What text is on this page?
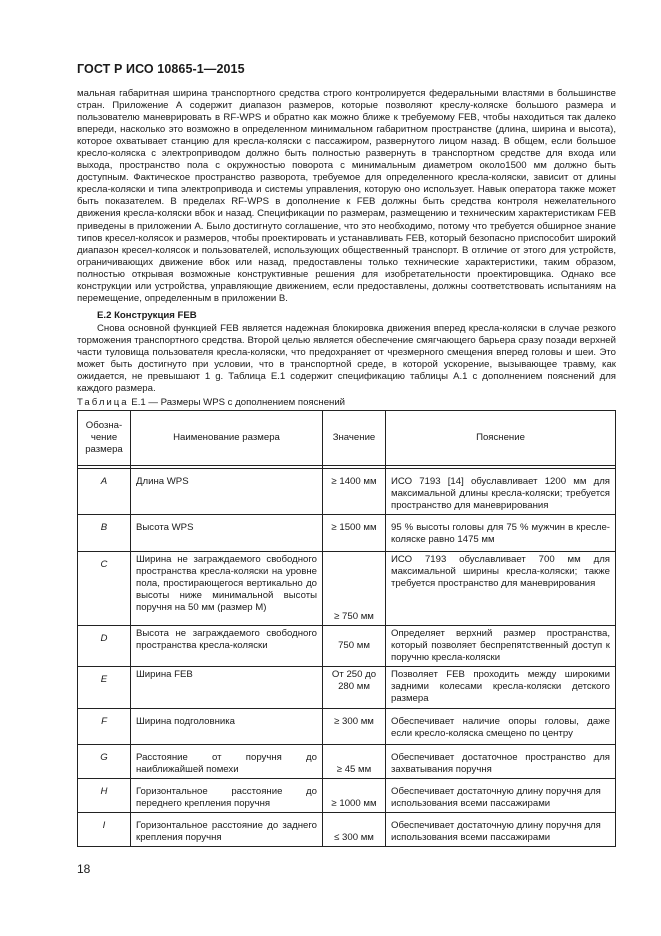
ГОСТ Р ИСО 10865-1—2015

мальная габаритная ширина транспортного средства строго контролируется федеральными властями в большинстве стран. Приложение А содержит диапазон размеров, которые позволяют креслу-коляске большого размера и пользователю маневрировать в RF-WPS и обратно как можно ближе к требуемому FEB, чтобы находиться так далеко впереди, насколько это возможно в определенном минимальном габаритном пространстве (длина, ширина и высота), которое охватывает станцию для кресла-коляски с пассажиром, развернутого лицом назад. В общем, если большое кресло-коляска с электроприводом должно быть полностью развернуть в транспортном средстве для входа или выхода, пространство пола с окружностью поворота с минимальным диаметром около1500 мм должно быть доступным. Фактическое пространство разворота, требуемое для определенного кресла-коляски, зависит от длины кресла-коляски и типа электропривода и системы управления, которую оно использует. Навык оператора также может быть показателем. В пределах RF-WPS в дополнение к FEB должны быть средства контроля нежелательного движения кресла-коляски вбок и назад. Спецификации по размерам, размещению и техническим характеристикам FEB приведены в приложении А. Было достигнуто соглашение, что это необходимо, потому что требуется обширное знание типов кресел-колясок и размеров, чтобы проектировать и устанавливать FEB, который безопасно приспособит широкий диапазон кресел-колясок и пользователей, использующих общественный транспорт. В отличие от этого для устройств, ограничивающих движение вбок или назад, предоставлены только технические характеристики, таким образом, полностью открывая возможные конструктивные решения для изобретательности проектировщика. Однако все конструкции или устройства, управляющие движением, если предоставлены, должны соответствовать испытаниям на перемещение, определенным в приложении В.

Е.2 Конструкция FEB

Снова основной функцией FEB является надежная блокировка движения вперед кресла-коляски в случае резкого торможения транспортного средства. Второй целью является обеспечение смягчающего барьера сразу позади верхней части туловища пользователя кресла-коляски, что предохраняет от чрезмерного смещения вперед головы и шеи. Это может быть достигнуто при условии, что в транспортной среде, в которой ускорение, вызывающее травму, как ожидается, не превышают 1 g. Таблица Е.1 содержит спецификацию таблицы А.1 с дополнением пояснений для каждого размера.

Таблица Е.1 — Размеры WPS с дополнением пояснений

Обозна-чение размера	Наименование размера	Значение	Пояснение

A	Длина WPS	≥ 1400 мм	ИСО 7193 [14] обуславливает 1200 мм для максимальной длины кресла-коляски; требуется пространство для маневрирования
B	Высота WPS	≥ 1500 мм	95 % высоты головы для 75 % мужчин в кресле-коляске равно 1475 мм
C	Ширина не заграждаемого свободного пространства кресла-коляски на уровне пола, простирающегося вертикально до высоты ниже минимальной высоты поручня на 50 мм (размер M)	≥ 750 мм	ИСО 7193 обуславливает 700 мм для максимальной ширины кресла-коляски; также требуется пространство для маневрирования
D	Высота не заграждаемого свободного пространства кресла-коляски	750 мм	Определяет верхний размер пространства, который позволяет беспрепятственный доступ к поручню кресла-коляски
E	Ширина FEB	От 250 до 280 мм	Позволяет FEB проходить между широкими задними колесами кресла-коляски детского размера
F	Ширина подголовника	≥ 300 мм	Обеспечивает наличие опоры головы, даже если кресло-коляска смещено по центру
G	Расстояние от поручня до наиближайшей помехи	≥ 45 мм	Обеспечивает достаточное пространство для захватывания поручня
H	Горизонтальное расстояние до переднего крепления поручня	≥ 1000 мм	Обеспечивает достаточную длину поручня для использования всеми пассажирами
I	Горизонтальное расстояние до заднего крепления поручня	≤ 300 мм	Обеспечивает достаточную длину поручня для использования всеми пассажирами
18
